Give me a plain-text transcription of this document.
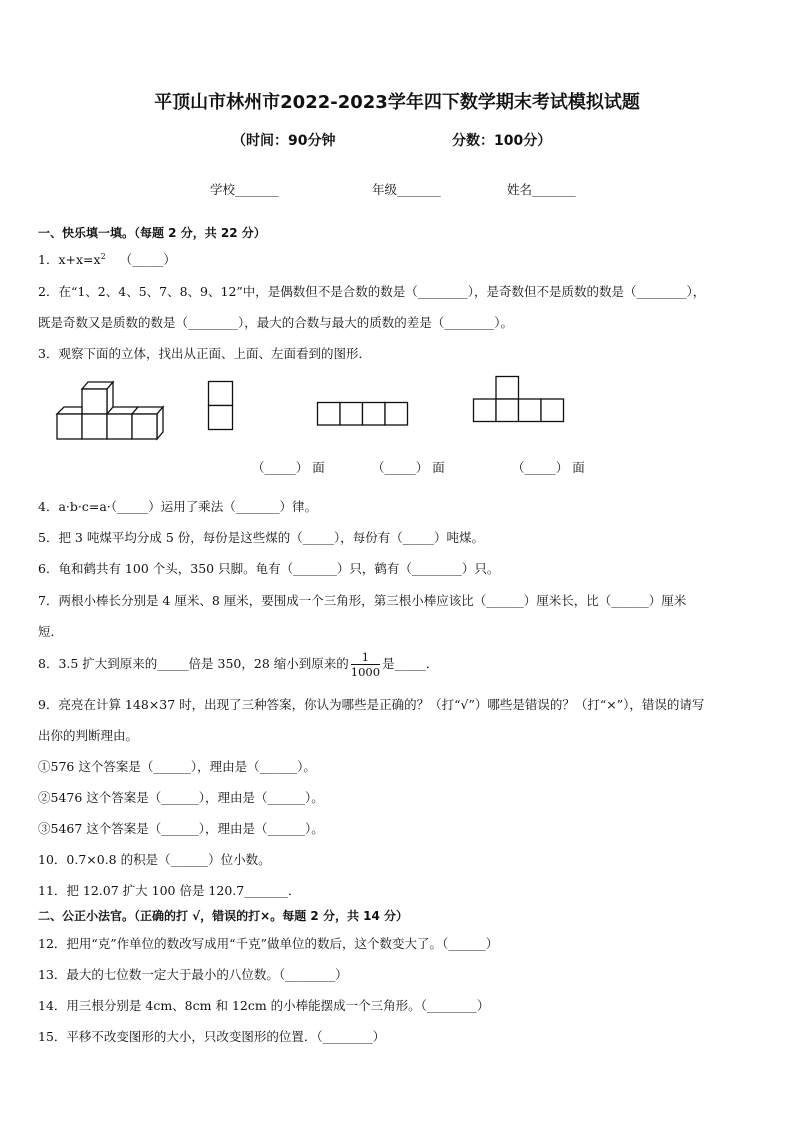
平顶山市林州市2022-2023学年四下数学期末考试模拟试题
（时间：90分钟	分数：100分）
学校_______	年级_______	姓名_______
一、快乐填一填。（每题 2 分，共 22 分）
1．$x+x=x^2$ （_____）
2．在“1、2、4、5、7、8、9、12”中，是偶数但不是合数的数是（________），是奇数但不是质数的数是（________），
既是奇数又是质数的数是（________），最大的合数与最大的质数的差是（________）。
3．观察下面的立体，找出从正面、上面、左面看到的图形．
（_____） 面	（_____） 面	（_____） 面
4．a·b·c=a·（_____）运用了乘法（_______）律。
5．把 3 吨煤平均分成 5 份，每份是这些煤的（_____），每份有（_____）吨煤。
6．龟和鹤共有 100 个头，350 只脚。龟有（_______）只，鹤有（________）只。
7．两根小棒长分别是 4 厘米、8 厘米，要围成一个三角形，第三根小棒应该比（______）厘米长，比（______）厘米
短．
8．3.5 扩大到原来的_____倍是 350，28 缩小到原来的 $\frac{1}{1000}$ 是_____．
9．亮亮在计算 148×37 时，出现了三种答案，你认为哪些是正确的？（打“√”）哪些是错误的？（打“×”），错误的请写
出你的判断理由。
①576 这个答案是（______），理由是（______）。
②5476 这个答案是（______），理由是（______）。
③5467 这个答案是（______），理由是（______）。
10．0.7×0.8 的积是（______）位小数。
11．把 12.07 扩大 100 倍是 120.7_______．
二、公正小法官。（正确的打 √，错误的打×。每题 2 分，共 14 分）
12．把用“克”作单位的数改写成用“千克”做单位的数后，这个数变大了。（______）
13．最大的七位数一定大于最小的八位数。（________）
14．用三根分别是 4cm、8cm 和 12cm 的小棒能摆成一个三角形。（________）
15．平移不改变图形的大小，只改变图形的位置．（________）
